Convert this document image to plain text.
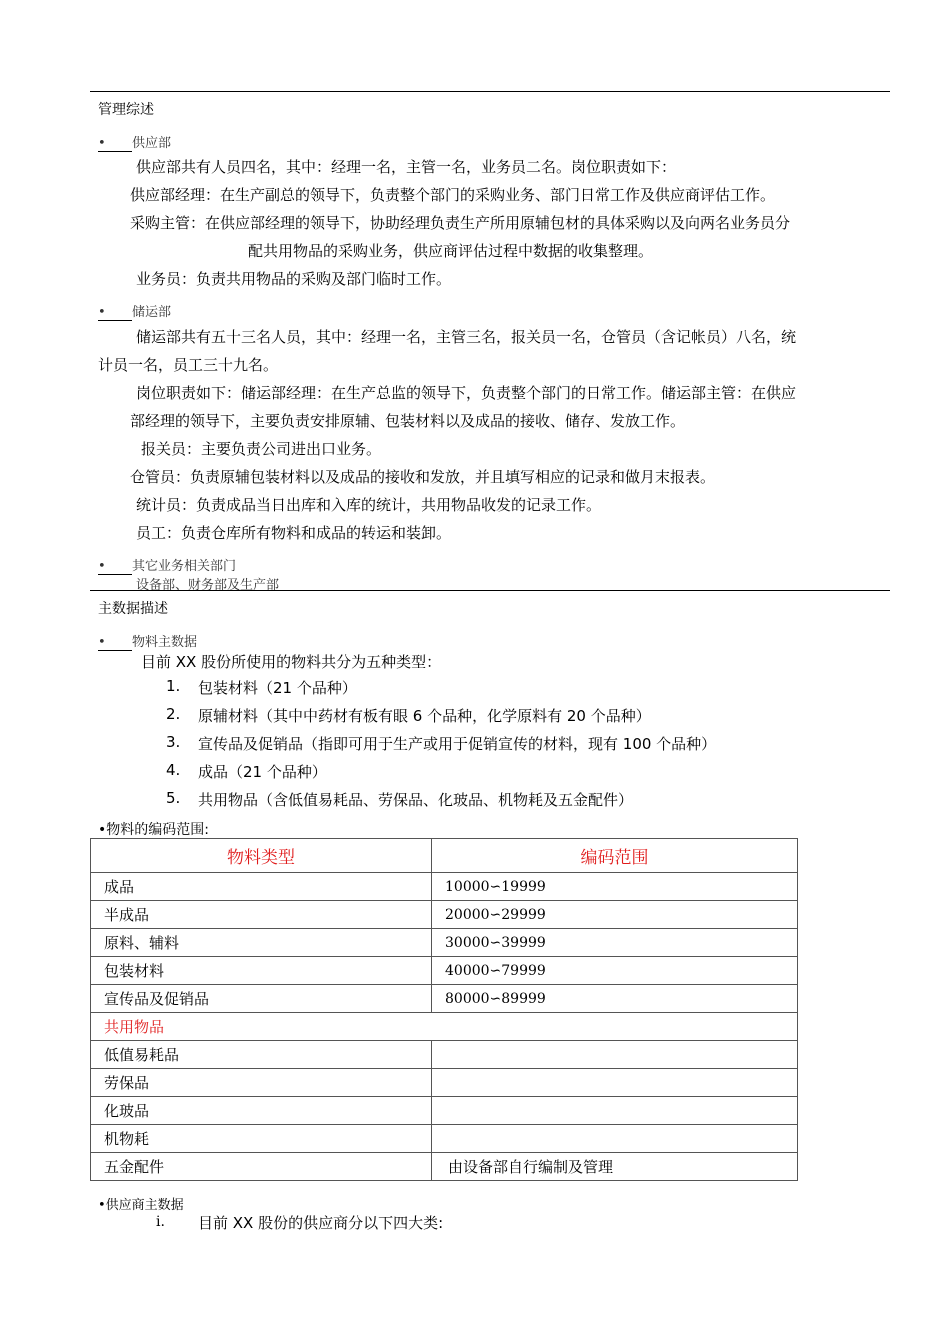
管理综述
• 供应部
供应部共有人员四名，其中：经理一名，主管一名，业务员二名。岗位职责如下：
供应部经理：在生产副总的领导下，负责整个部门的采购业务、部门日常工作及供应商评估工作。
采购主管：在供应部经理的领导下，协助经理负责生产所用原辅包材的具体采购以及向两名业务员分
配共用物品的采购业务，供应商评估过程中数据的收集整理。
业务员：负责共用物品的采购及部门临时工作。
• 储运部
储运部共有五十三名人员，其中：经理一名，主管三名，报关员一名，仓管员（含记帐员）八名，统
计员一名，员工三十九名。
岗位职责如下：储运部经理：在生产总监的领导下，负责整个部门的日常工作。储运部主管：在供应
部经理的领导下，主要负责安排原辅、包装材料以及成品的接收、储存、发放工作。
报关员：主要负责公司进出口业务。
仓管员：负责原辅包装材料以及成品的接收和发放，并且填写相应的记录和做月末报表。
统计员：负责成品当日出库和入库的统计，共用物品收发的记录工作。
员工：负责仓库所有物料和成品的转运和装卸。
• 其它业务相关部门
设备部、财务部及生产部
主数据描述
• 物料主数据
目前 XX 股份所使用的物料共分为五种类型：
1. 包装材料（21 个品种）
2. 原辅材料（其中中药材有板有眼 6 个品种，化学原料有 20 个品种）
3. 宣传品及促销品（指即可用于生产或用于促销宣传的材料，现有 100 个品种）
4. 成品（21 个品种）
5. 共用物品（含低值易耗品、劳保品、化玻品、机物耗及五金配件）
•物料的编码范围:
物料类型	编码范围
成品	10000∽19999
半成品	20000∽29999
原料、辅料	30000∽39999
包装材料	40000∽79999
宣传品及促销品	80000∽89999
共用物品	
低值易耗品	
劳保品	
化玻品	
机物耗	
五金配件	由设备部自行编制及管理
•供应商主数据
i. 目前 XX 股份的供应商分以下四大类:
